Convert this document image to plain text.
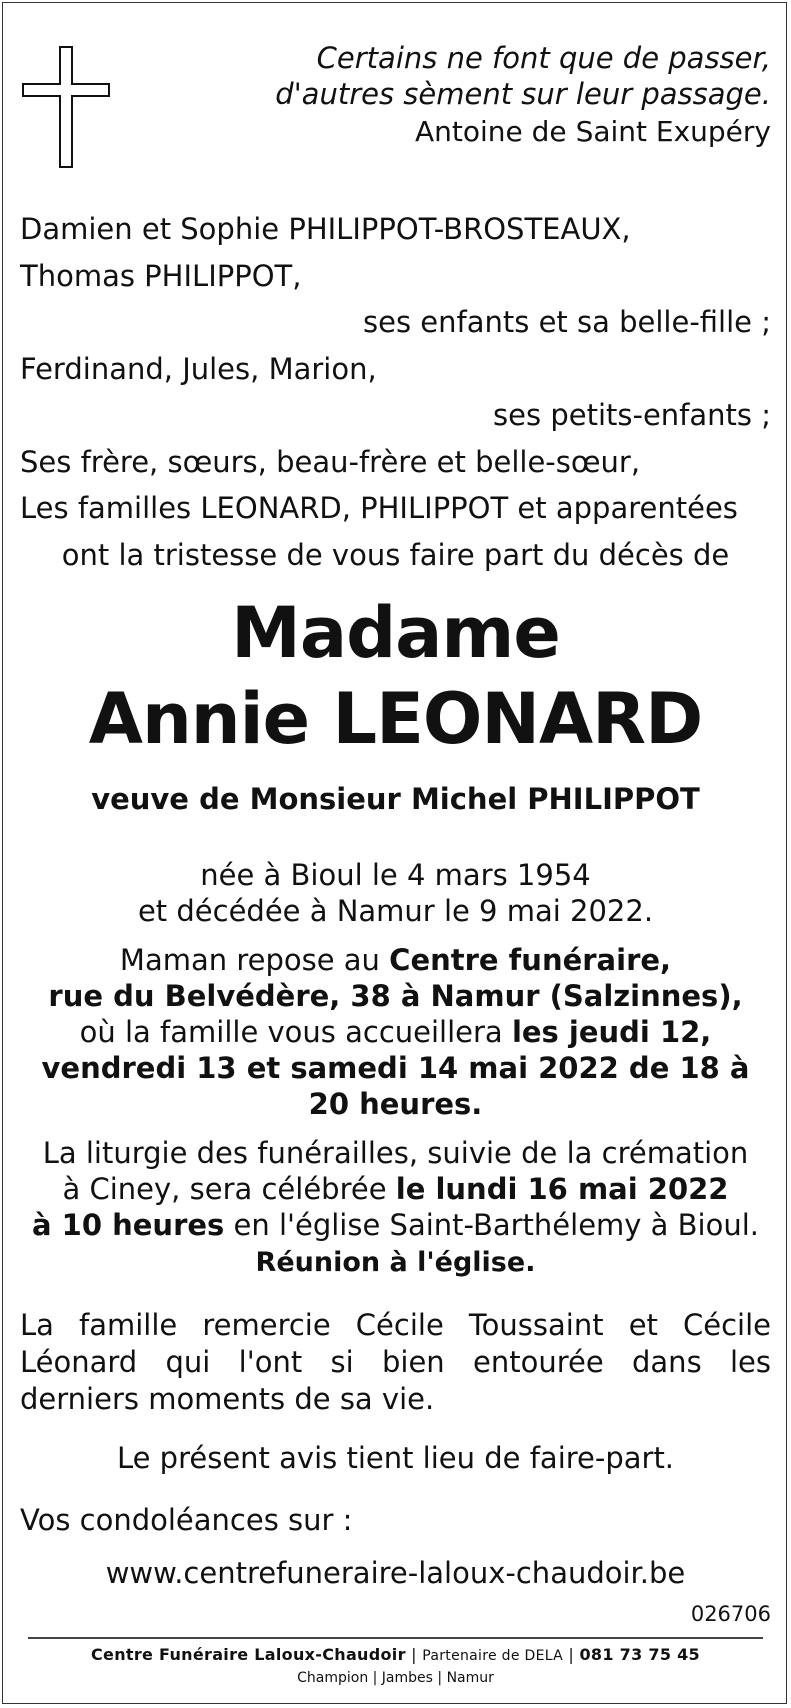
Certains ne font que de passer,
d'autres sèment sur leur passage.
Antoine de Saint Exupéry
Damien et Sophie PHILIPPOT-BROSTEAUX,
Thomas PHILIPPOT,
ses enfants et sa belle-fille ;
Ferdinand, Jules, Marion,
ses petits-enfants ;
Ses frère, sœurs, beau-frère et belle-sœur,
Les familles LEONARD, PHILIPPOT et apparentées
ont la tristesse de vous faire part du décès de
Madame
Annie LEONARD
veuve de Monsieur Michel PHILIPPOT
née à Bioul le 4 mars 1954
et décédée à Namur le 9 mai 2022.
Maman repose au Centre funéraire,
rue du Belvédère, 38 à Namur (Salzinnes),
où la famille vous accueillera les jeudi 12,
vendredi 13 et samedi 14 mai 2022 de 18 à 20 heures.
La liturgie des funérailles, suivie de la crémation
à Ciney, sera célébrée le lundi 16 mai 2022
à 10 heures en l'église Saint-Barthélemy à Bioul.
Réunion à l'église.
La famille remercie Cécile Toussaint et Cécile
Léonard qui l'ont si bien entourée dans les
derniers moments de sa vie.
Le présent avis tient lieu de faire-part.
Vos condoléances sur :
www.centrefuneraire-laloux-chaudoir.be
026706
Centre Funéraire Laloux-Chaudoir | Partenaire de DELA | 081 73 75 45
Champion | Jambes | Namur
